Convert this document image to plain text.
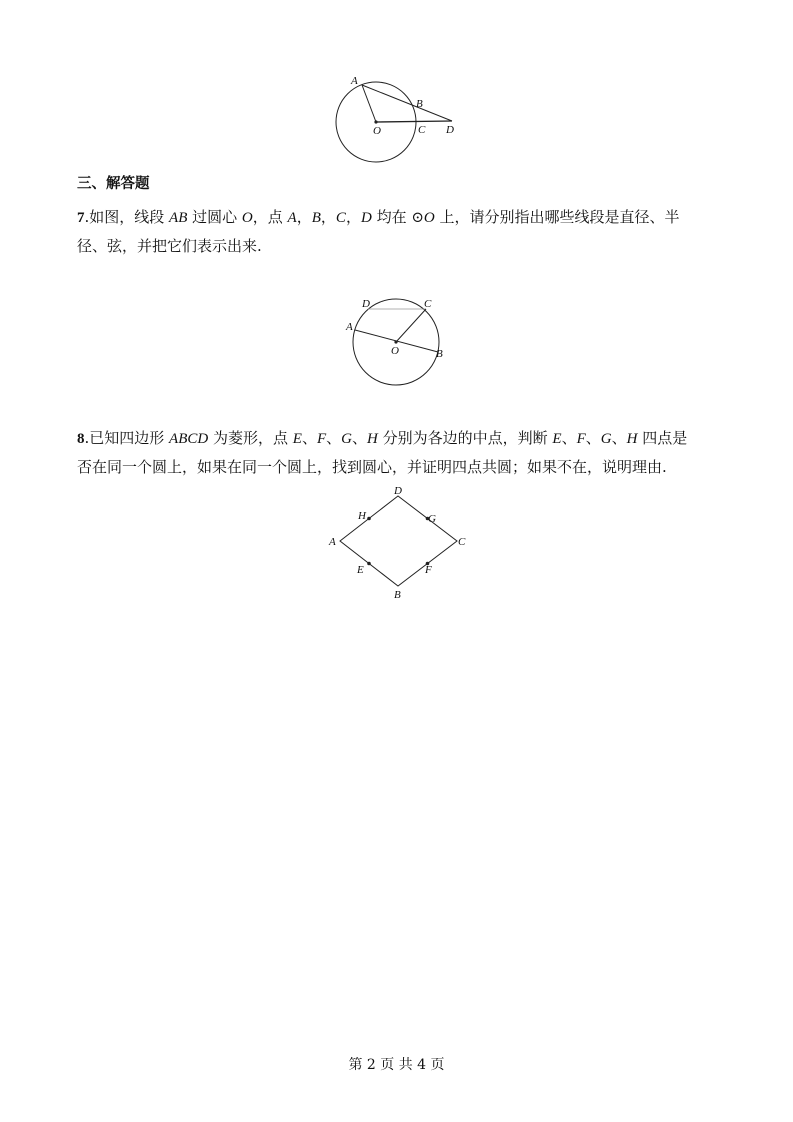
A
B
O	C D
三、解答题
7.如图，线段 AB 过圆心 O，点 A，B，C，D 均在 ⊙O 上，请分别指出哪些线段是直径、半
径、弦，并把它们表示出来.
D	C
A
O	B
8.已知四边形 ABCD 为菱形，点 E、F、G、H 分别为各边的中点，判断 E、F、G、H 四点是
否在同一个圆上，如果在同一个圆上，找到圆心，并证明四点共圆；如果不在，说明理由.
D
H	G
A	C
E	F
B
第 2 页 共 4 页
